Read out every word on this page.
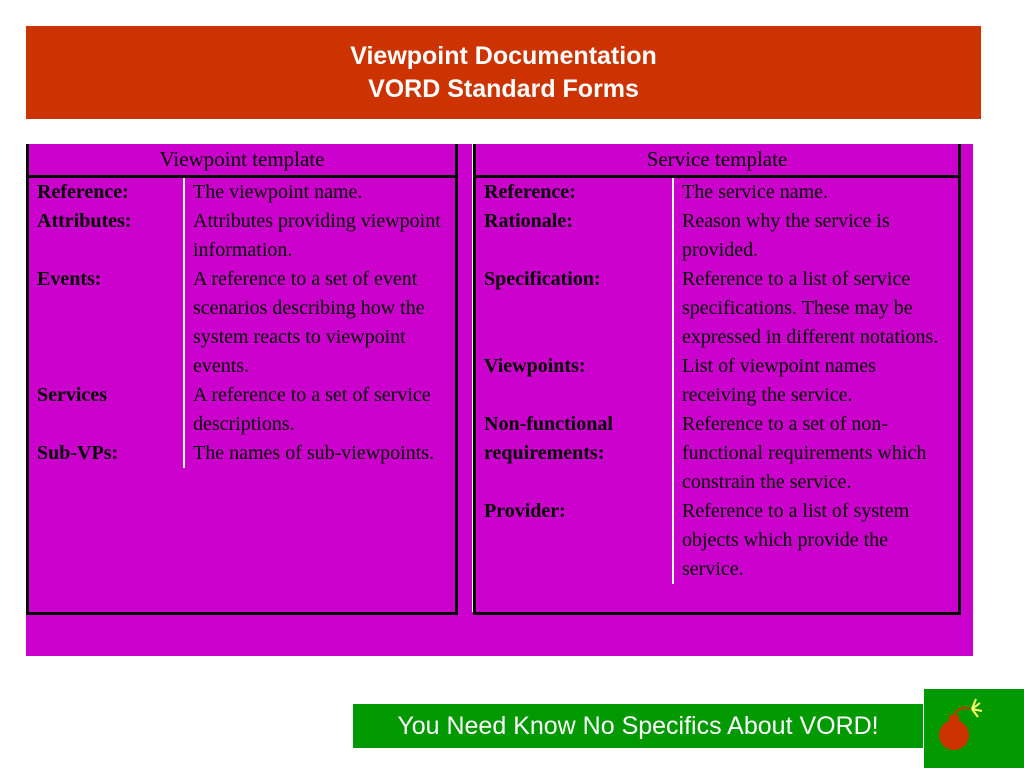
Viewpoint Documentation
VORD Standard Forms
Viewpoint template	
Reference:	The viewpoint name.
Attributes:	Attributes providing viewpoint information.
Events:	A reference to a set of event scenarios describing how the system reacts to viewpoint events.
Services	A reference to a set of service descriptions.
Sub-VPs:	The names of sub-viewpoints.
Service template	
Reference:	The service name.
Rationale:	Reason why the service is provided.
Specification:	Reference to a list of service specifications. These may be expressed in different notations.
Viewpoints:	List of viewpoint names receiving the service.
Non-functional requirements:	Reference to a set of non-functional requirements which constrain the service.
Provider:	Reference to a list of system objects which provide the service.
You Need Know No Specifics About VORD!
